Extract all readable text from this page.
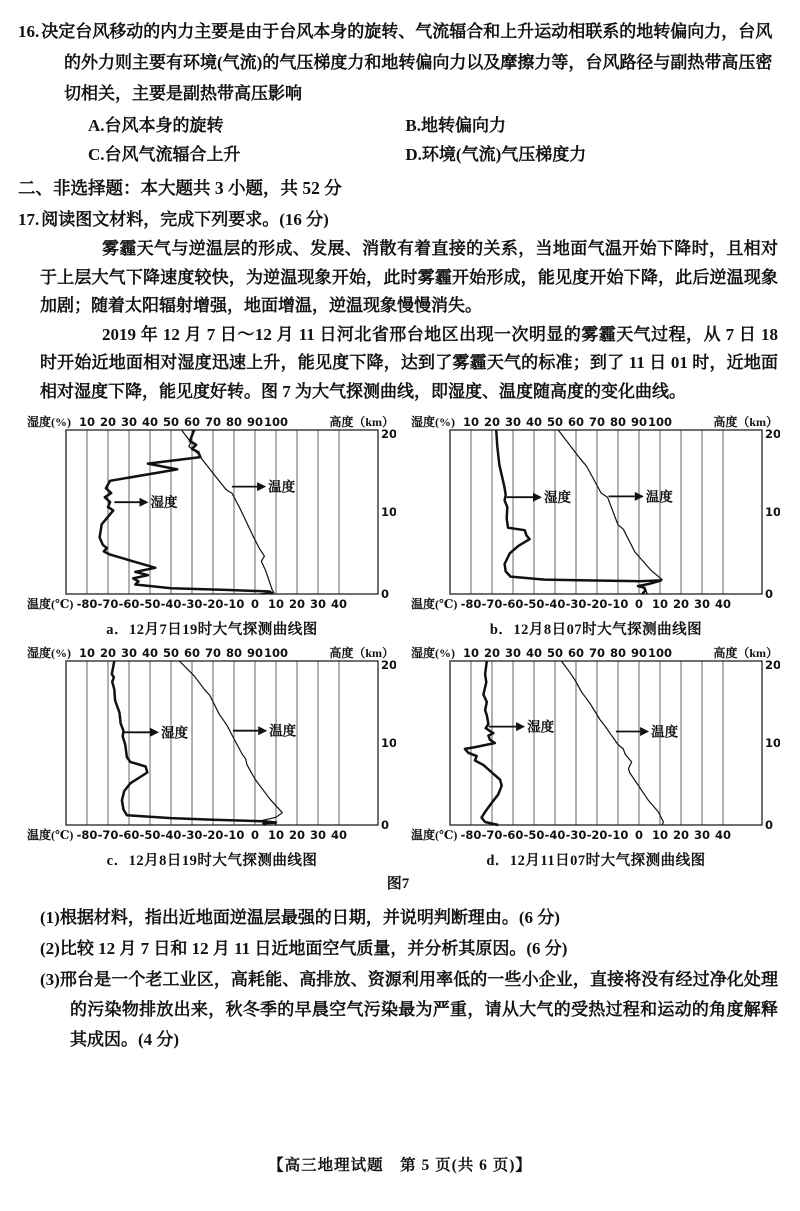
16. 决定台风移动的内力主要是由于台风本身的旋转、气流辐合和上升运动相联系的地转偏向力，台风的外力则主要有环境(气流)的气压梯度力和地转偏向力以及摩擦力等，台风路径与副热带高压密切相关，主要是副热带高压影响
A.台风本身的旋转	B.地转偏向力
C.台风气流辐合上升	D.环境(气流)气压梯度力
二、非选择题：本大题共 3 小题，共 52 分
17. 阅读图文材料，完成下列要求。(16 分)
雾霾天气与逆温层的形成、发展、消散有着直接的关系，当地面气温开始下降时，且相对于上层大气下降速度较快，为逆温现象开始，此时雾霾开始形成，能见度开始下降，此后逆温现象加剧；随着太阳辐射增强，地面增温，逆温现象慢慢消失。
2019 年 12 月 7 日～12 月 11 日河北省邢台地区出现一次明显的雾霾天气过程，从 7 日 18 时开始近地面相对湿度迅速上升，能见度下降，达到了雾霾天气的标准；到了 11 日 01 时，近地面相对湿度下降，能见度好转。图 7 为大气探测曲线，即湿度、温度随高度的变化曲线。
湿度(%) 10 20 30 40 50 60 70 80 90 100	高度（km）
20
10
0
温度(℃) -80 -70 -60 -50 -40 -30 -20 -10 0 10 20 30 40
湿度
温度
a．12月7日19时大气探测曲线图
湿度(%) 10 20 30 40 50 60 70 80 90 100	高度（km）
20
10
0
温度(℃) -80 -70 -60 -50 -40 -30 -20 -10 0 10 20 30 40
湿度	温度
b．12月8日07时大气探测曲线图
湿度(%) 10 20 30 40 50 60 70 80 90 100	高度（km）
20
10
0
温度(℃) -80 -70 -60 -50 -40 -30 -20 -10 0 10 20 30 40
湿度	温度
c．12月8日19时大气探测曲线图
湿度(%) 10 20 30 40 50 60 70 80 90 100	高度（km）
20
10
0
温度(℃) -80 -70 -60 -50 -40 -30 -20 -10 0 10 20 30 40
湿度	温度
d．12月11日07时大气探测曲线图
图7
(1)根据材料，指出近地面逆温层最强的日期，并说明判断理由。(6 分)
(2)比较 12 月 7 日和 12 月 11 日近地面空气质量，并分析其原因。(6 分)
(3)邢台是一个老工业区，高耗能、高排放、资源利用率低的一些小企业，直接将没有经过净化处理的污染物排放出来，秋冬季的早晨空气污染最为严重，请从大气的受热过程和运动的角度解释其成因。(4 分)
【高三地理试题　第 5 页(共 6 页)】
